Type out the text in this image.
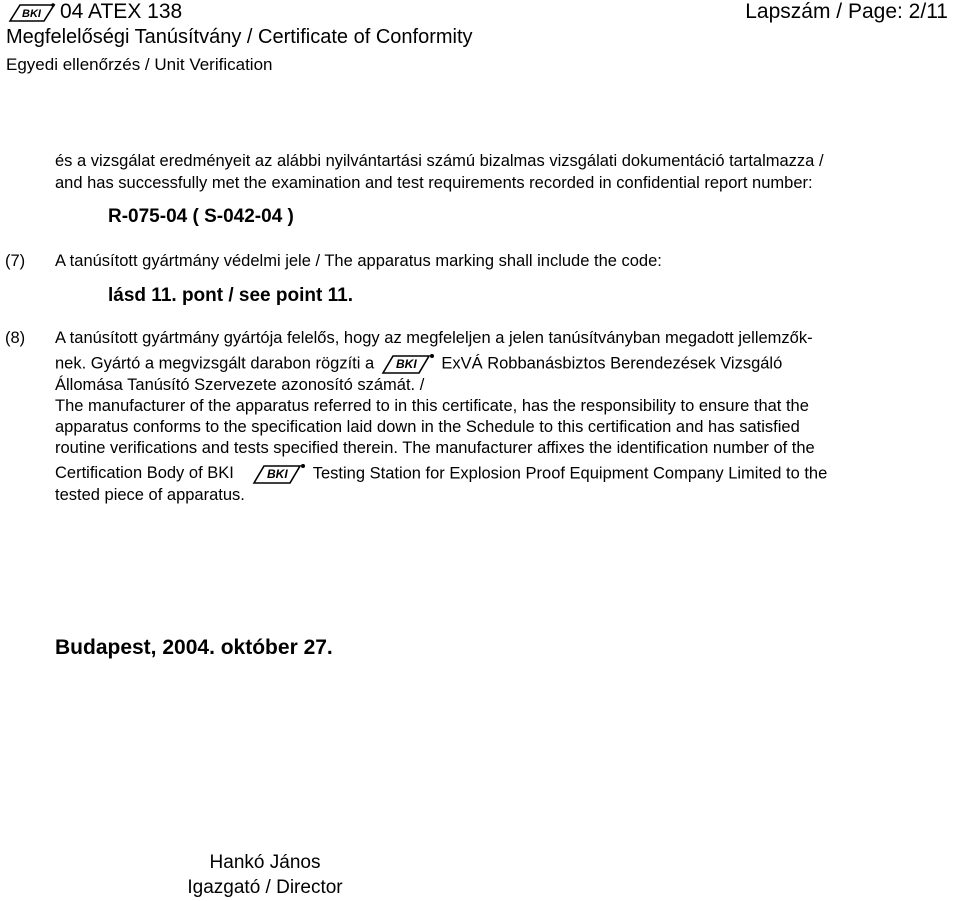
BKI 04 ATEX 138	Lapszám / Page: 2/11
Megfelelőségi Tanúsítvány / Certificate of Conformity
Egyedi ellenőrzés / Unit Verification
és a vizsgálat eredményeit az alábbi nyilvántartási számú bizalmas vizsgálati dokumentáció tartalmazza /
and has successfully met the examination and test requirements recorded in confidential report number:
R-075-04 ( S-042-04 )
(7) A tanúsított gyártmány védelmi jele / The apparatus marking shall include the code:
lásd 11. pont / see point 11.
(8) A tanúsított gyártmány gyártója felelős, hogy az megfeleljen a jelen tanúsítványban megadott jellemzők-
nek. Gyártó a megvizsgált darabon rögzíti a BKI ExVÁ Robbanásbiztos Berendezések Vizsgáló
Állomása Tanúsító Szervezete azonosító számát. /
The manufacturer of the apparatus referred to in this certificate, has the responsibility to ensure that the
apparatus conforms to the specification laid down in the Schedule to this certification and has satisfied
routine verifications and tests specified therein. The manufacturer affixes the identification number of the
Certification Body of BKI	BKI Testing Station for Explosion Proof Equipment Company Limited to the
tested piece of apparatus.
Budapest, 2004. október 27.
Hankó János
Igazgató / Director
